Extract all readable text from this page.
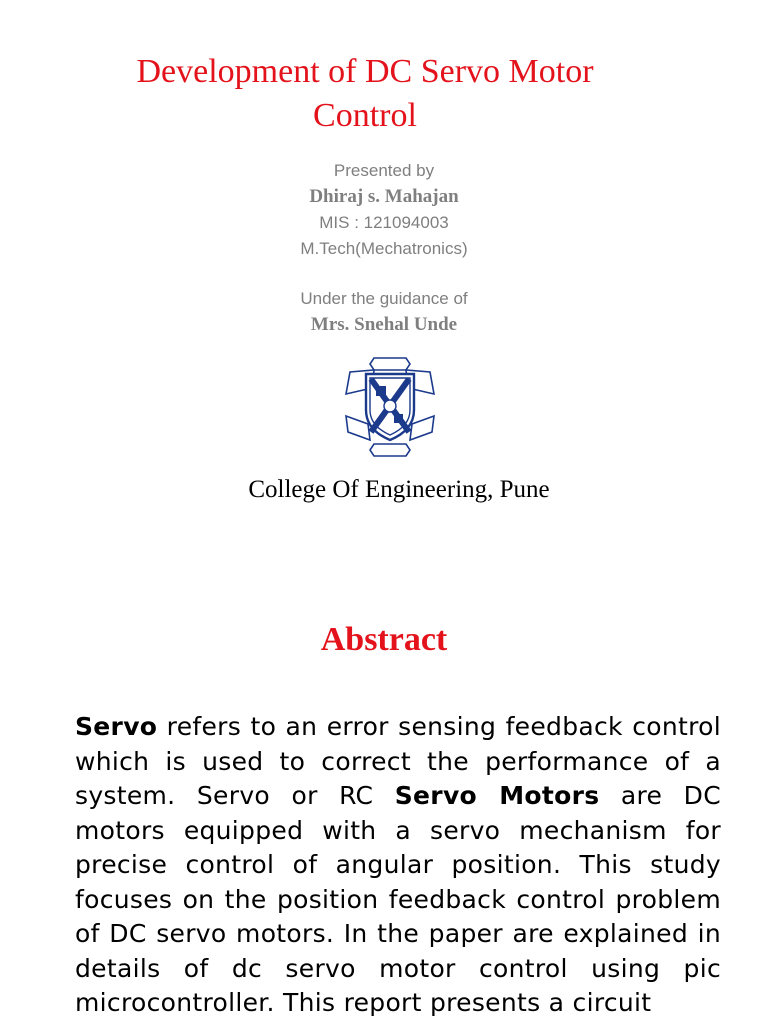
Development of DC Servo Motor
Control
Presented by
Dhiraj s. Mahajan
MIS : 121094003
M.Tech(Mechatronics)
Under the guidance of
Mrs. Snehal Unde
College Of Engineering, Pune
Abstract
Servo refers to an error sensing feedback control which is used to correct the performance of a system. Servo or RC Servo Motors are DC motors equipped with a servo mechanism for precise control of angular position. This study focuses on the position feedback control problem of DC servo motors. In the paper are explained in details of dc servo motor control using pic microcontroller. This report presents a circuit
